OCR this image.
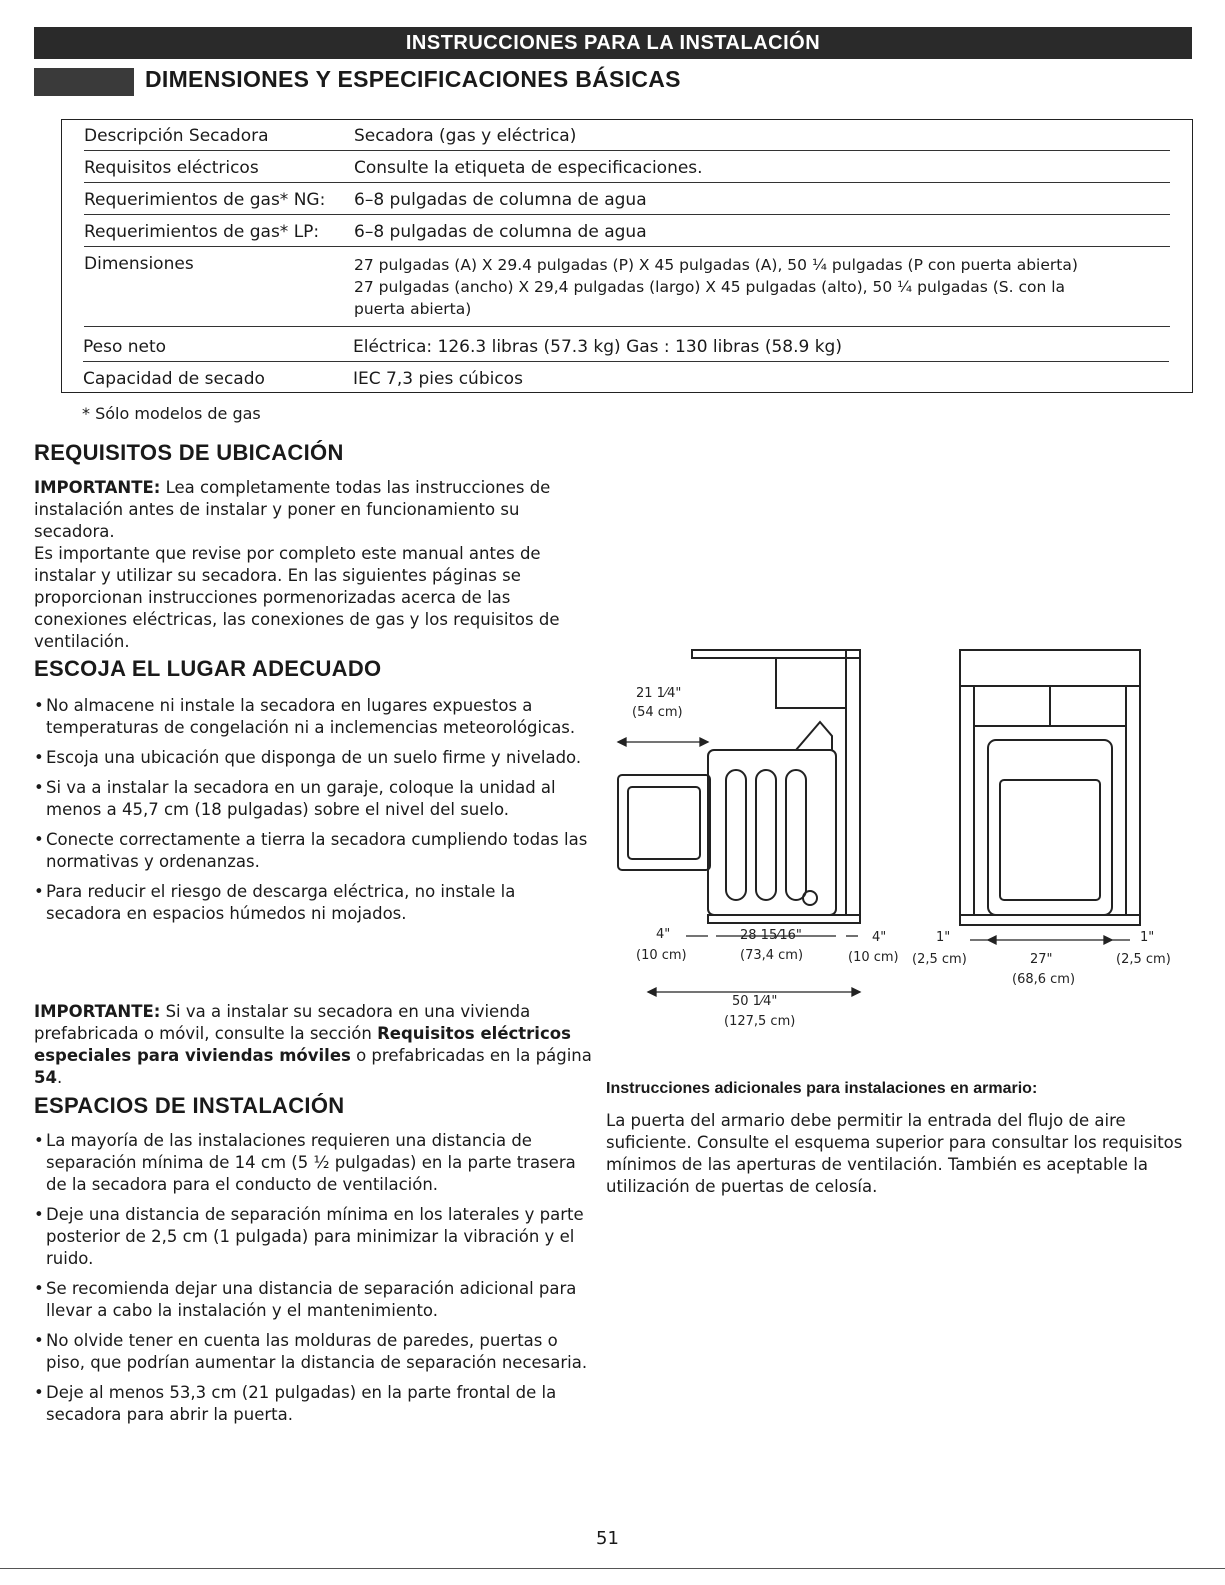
INSTRUCCIONES PARA LA INSTALACIÓN
DIMENSIONES Y ESPECIFICACIONES BÁSICAS
Descripción Secadora	Secadora (gas y eléctrica)
Requisitos eléctricos	Consulte la etiqueta de especificaciones.
Requerimientos de gas* NG: 6–8 pulgadas de columna de agua
Requerimientos de gas* LP: 6–8 pulgadas de columna de agua
Dimensiones	27 pulgadas (A) X 29.4 pulgadas (P) X 45 pulgadas (A), 50 ¼ pulgadas (P con puerta abierta)
27 pulgadas (ancho) X 29,4 pulgadas (largo) X 45 pulgadas (alto), 50 ¼ pulgadas (S. con la
puerta abierta)
Peso neto	Eléctrica: 126.3 libras (57.3 kg) Gas : 130 libras (58.9 kg)
Capacidad de secado	IEC 7,3 pies cúbicos
* Sólo modelos de gas
REQUISITOS DE UBICACIÓN
IMPORTANTE: Lea completamente todas las instrucciones de instalación antes de instalar y poner en funcionamiento su secadora.
Es importante que revise por completo este manual antes de instalar y utilizar su secadora. En las siguientes páginas se proporcionan instrucciones pormenorizadas acerca de las conexiones eléctricas, las conexiones de gas y los requisitos de ventilación.
ESCOJA EL LUGAR ADECUADO
• No almacene ni instale la secadora en lugares expuestos a temperaturas de congelación ni a inclemencias meteorológicas.
• Escoja una ubicación que disponga de un suelo firme y nivelado.
• Si va a instalar la secadora en un garaje, coloque la unidad al menos a 45,7 cm (18 pulgadas) sobre el nivel del suelo.
• Conecte correctamente a tierra la secadora cumpliendo todas las normativas y ordenanzas.
• Para reducir el riesgo de descarga eléctrica, no instale la secadora en espacios húmedos ni mojados.
IMPORTANTE: Si va a instalar su secadora en una vivienda prefabricada o móvil, consulte la sección Requisitos eléctricos especiales para viviendas móviles o prefabricadas en la página 54.
ESPACIOS DE INSTALACIÓN
• La mayoría de las instalaciones requieren una distancia de separación mínima de 14 cm (5 ½ pulgadas) en la parte trasera de la secadora para el conducto de ventilación.
• Deje una distancia de separación mínima en los laterales y parte posterior de 2,5 cm (1 pulgada) para minimizar la vibración y el ruido.
• Se recomienda dejar una distancia de separación adicional para llevar a cabo la instalación y el mantenimiento.
• No olvide tener en cuenta las molduras de paredes, puertas o piso, que podrían aumentar la distancia de separación necesaria.
• Deje al menos 53,3 cm (21 pulgadas) en la parte frontal de la secadora para abrir la puerta.
21 1⁄4"
(54 cm)
4"
(10 cm)
28 15⁄16"
(73,4 cm)
4"
(10 cm)
50 1⁄4"
(127,5 cm)
1"
(2,5 cm)	27"
(68,6 cm)
1"
(2,5 cm)
Instrucciones adicionales para instalaciones en armario:
La puerta del armario debe permitir la entrada del flujo de aire suficiente. Consulte el esquema superior para consultar los requisitos mínimos de las aperturas de ventilación. También es aceptable la utilización de puertas de celosía.
51
